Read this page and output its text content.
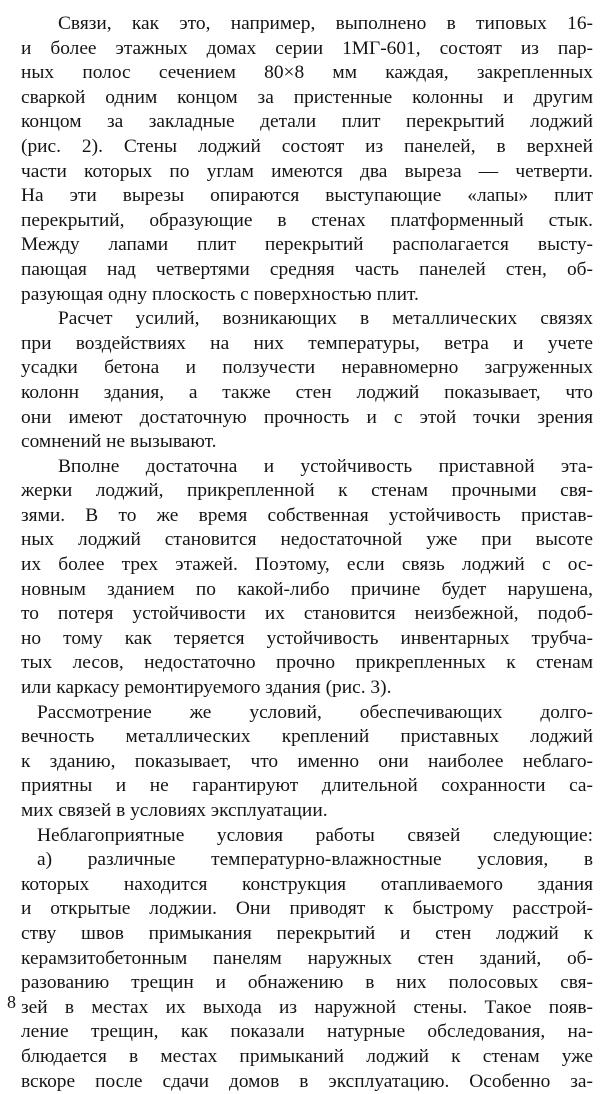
Связи, как это, например, выполнено в типовых 16-
и более этажных домах серии 1МГ-601, состоят из пар-
ных полос сечением 80×8 мм каждая, закрепленных
сваркой одним концом за пристенные колонны и другим
концом за закладные детали плит перекрытий лоджий
(рис. 2). Стены лоджий состоят из панелей, в верхней
части которых по углам имеются два выреза — четверти.
На эти вырезы опираются выступающие «лапы» плит
перекрытий, образующие в стенах платформенный стык.
Между лапами плит перекрытий располагается высту-
пающая над четвертями средняя часть панелей стен, об-
разующая одну плоскость с поверхностью плит.
Расчет усилий, возникающих в металлических связях
при воздействиях на них температуры, ветра и учете
усадки бетона и ползучести неравномерно загруженных
колонн здания, а также стен лоджий показывает, что
они имеют достаточную прочность и с этой точки зрения
сомнений не вызывают.
Вполне достаточна и устойчивость приставной эта-
жерки лоджий, прикрепленной к стенам прочными свя-
зями. В то же время собственная устойчивость пристав-
ных лоджий становится недостаточной уже при высоте
их более трех этажей. Поэтому, если связь лоджий с ос-
новным зданием по какой-либо причине будет нарушена,
то потеря устойчивости их становится неизбежной, подоб-
но тому как теряется устойчивость инвентарных трубча-
тых лесов, недостаточно прочно прикрепленных к стенам
или каркасу ремонтируемого здания (рис. 3).
Рассмотрение же условий, обеспечивающих долго-
вечность металлических креплений приставных лоджий
к зданию, показывает, что именно они наиболее неблаго-
приятны и не гарантируют длительной сохранности са-
мих связей в условиях эксплуатации.
Неблагоприятные условия работы связей следующие:
а) различные температурно-влажностные условия, в
которых находится конструкция отапливаемого здания
и открытые лоджии. Они приводят к быстрому расстрой-
ству швов примыкания перекрытий и стен лоджий к
керамзитобетонным панелям наружных стен зданий, об-
разованию трещин и обнажению в них полосовых свя-
зей в местах их выхода из наружной стены. Такое появ-
ление трещин, как показали натурные обследования, на-
блюдается в местах примыканий лоджий к стенам уже
вскоре после сдачи домов в эксплуатацию. Особенно за-
8
